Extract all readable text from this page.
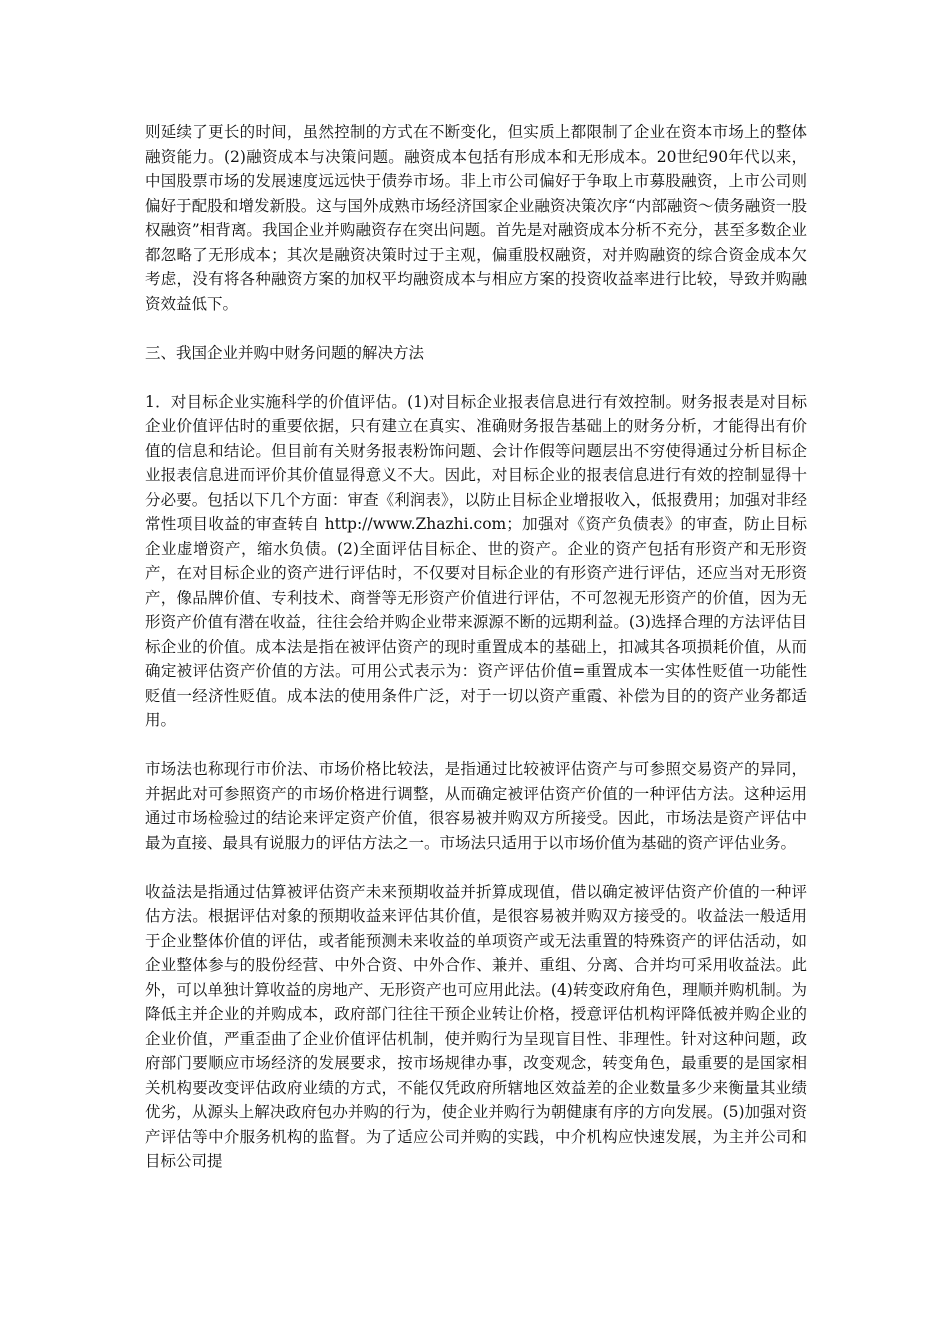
则延续了更长的时间，虽然控制的方式在不断变化，但实质上都限制了企业在资本市场上的整体融资能力。(2)融资成本与决策问题。融资成本包括有形成本和无形成本。20世纪90年代以来，中国股票市场的发展速度远远快于债券市场。非上市公司偏好于争取上市募股融资，上市公司则偏好于配股和增发新股。这与国外成熟市场经济国家企业融资决策次序“内部融资～债务融资一股权融资”相背离。我国企业并购融资存在突出问题。首先是对融资成本分析不充分，甚至多数企业都忽略了无形成本；其次是融资决策时过于主观，偏重股权融资，对并购融资的综合资金成本欠考虑，没有将各种融资方案的加权平均融资成本与相应方案的投资收益率进行比较，导致并购融资效益低下。

三、我国企业并购中财务问题的解决方法

1．对目标企业实施科学的价值评估。(1)对目标企业报表信息进行有效控制。财务报表是对目标企业价值评估时的重要依据，只有建立在真实、准确财务报告基础上的财务分析，才能得出有价值的信息和结论。但目前有关财务报表粉饰问题、会计作假等问题层出不穷使得通过分析目标企业报表信息进而评价其价值显得意义不大。因此，对目标企业的报表信息进行有效的控制显得十分必要。包括以下几个方面：审查《利润表》，以防止目标企业增报收入，低报费用；加强对非经常性项目收益的审查转自 http://www.Zhazhi.com；加强对《资产负债表》的审查，防止目标企业虚增资产，缩水负债。(2)全面评估目标企、世的资产。企业的资产包括有形资产和无形资产，在对目标企业的资产进行评估时，不仅要对目标企业的有形资产进行评估，还应当对无形资产，像品牌价值、专利技术、商誉等无形资产价值进行评估，不可忽视无形资产的价值，因为无形资产价值有潜在收益，往往会给并购企业带来源源不断的远期利益。(3)选择合理的方法评估目标企业的价值。成本法是指在被评估资产的现时重置成本的基础上，扣减其各项损耗价值，从而确定被评估资产价值的方法。可用公式表示为：资产评估价值=重置成本一实体性贬值一功能性贬值一经济性贬值。成本法的使用条件广泛，对于一切以资产重霞、补偿为目的的资产业务都适用。

市场法也称现行市价法、市场价格比较法，是指通过比较被评估资产与可参照交易资产的异同，并据此对可参照资产的市场价格进行调整，从而确定被评估资产价值的一种评估方法。这种运用通过市场检验过的结论来评定资产价值，很容易被并购双方所接受。因此，市场法是资产评估中最为直接、最具有说服力的评估方法之一。市场法只适用于以市场价值为基础的资产评估业务。

收益法是指通过估算被评估资产未来预期收益并折算成现值，借以确定被评估资产价值的一种评估方法。根据评估对象的预期收益来评估其价值，是很容易被并购双方接受的。收益法一般适用于企业整体价值的评估，或者能预测未来收益的单项资产或无法重置的特殊资产的评估活动，如企业整体参与的股份经营、中外合资、中外合作、兼并、重组、分离、合并均可采用收益法。此外，可以单独计算收益的房地产、无形资产也可应用此法。(4)转变政府角色，理顺并购机制。为降低主并企业的并购成本，政府部门往往干预企业转让价格，授意评估机构评降低被并购企业的企业价值，严重歪曲了企业价值评估机制，使并购行为呈现盲目性、非理性。针对这种问题，政府部门要顺应市场经济的发展要求，按市场规律办事，改变观念，转变角色，最重要的是国家相关机构要改变评估政府业绩的方式，不能仅凭政府所辖地区效益差的企业数量多少来衡量其业绩优劣，从源头上解决政府包办并购的行为，使企业并购行为朝健康有序的方向发展。(5)加强对资产评估等中介服务机构的监督。为了适应公司并购的实践，中介机构应快速发展，为主并公司和目标公司提
